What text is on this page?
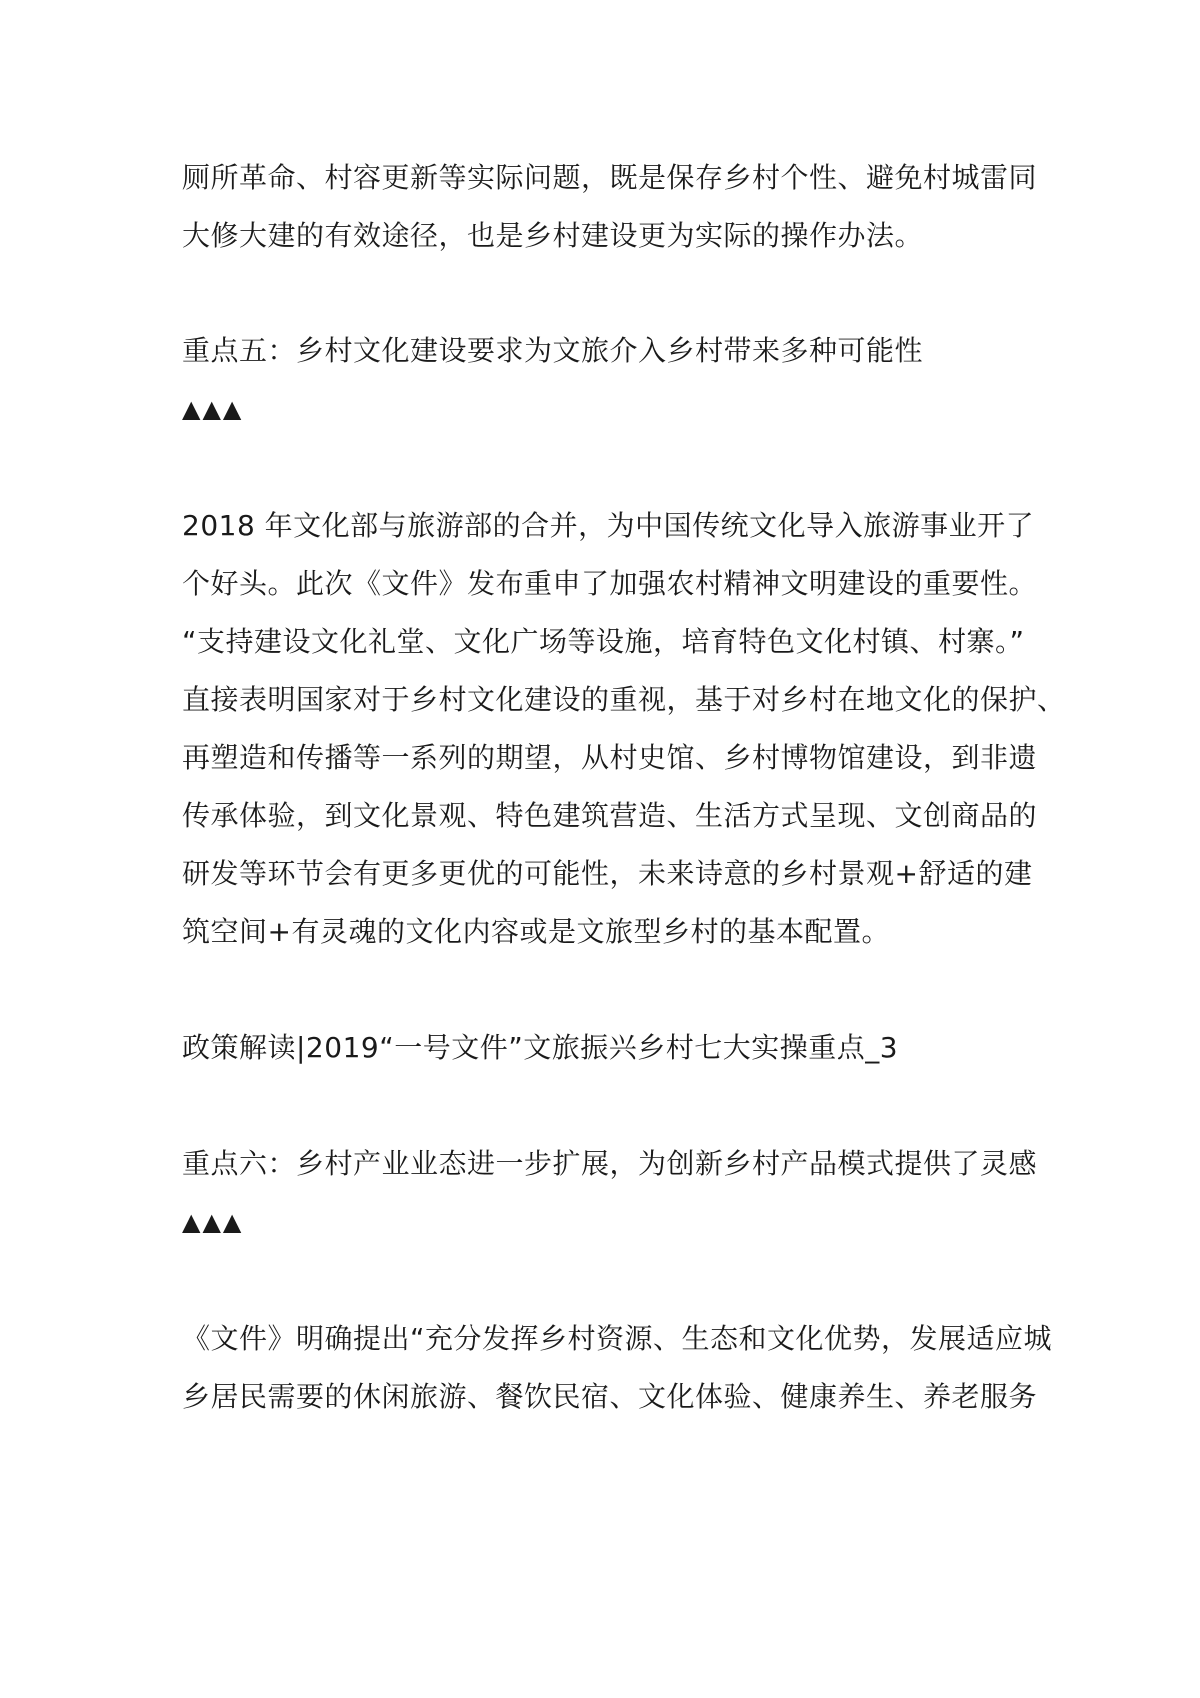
厕所革命、村容更新等实际问题，既是保存乡村个性、避免村城雷同
大修大建的有效途径，也是乡村建设更为实际的操作办法。
重点五：乡村文化建设要求为文旅介入乡村带来多种可能性
▲▲▲
2018 年文化部与旅游部的合并，为中国传统文化导入旅游事业开了
个好头。此次《文件》发布重申了加强农村精神文明建设的重要性。
“支持建设文化礼堂、文化广场等设施，培育特色文化村镇、村寨。”
直接表明国家对于乡村文化建设的重视，基于对乡村在地文化的保护、
再塑造和传播等一系列的期望，从村史馆、乡村博物馆建设，到非遗
传承体验，到文化景观、特色建筑营造、生活方式呈现、文创商品的
研发等环节会有更多更优的可能性，未来诗意的乡村景观+舒适的建
筑空间+有灵魂的文化内容或是文旅型乡村的基本配置。
政策解读|2019“一号文件”文旅振兴乡村七大实操重点_3
重点六：乡村产业业态进一步扩展，为创新乡村产品模式提供了灵感
▲▲▲
《文件》明确提出“充分发挥乡村资源、生态和文化优势，发展适应城
乡居民需要的休闲旅游、餐饮民宿、文化体验、健康养生、养老服务
